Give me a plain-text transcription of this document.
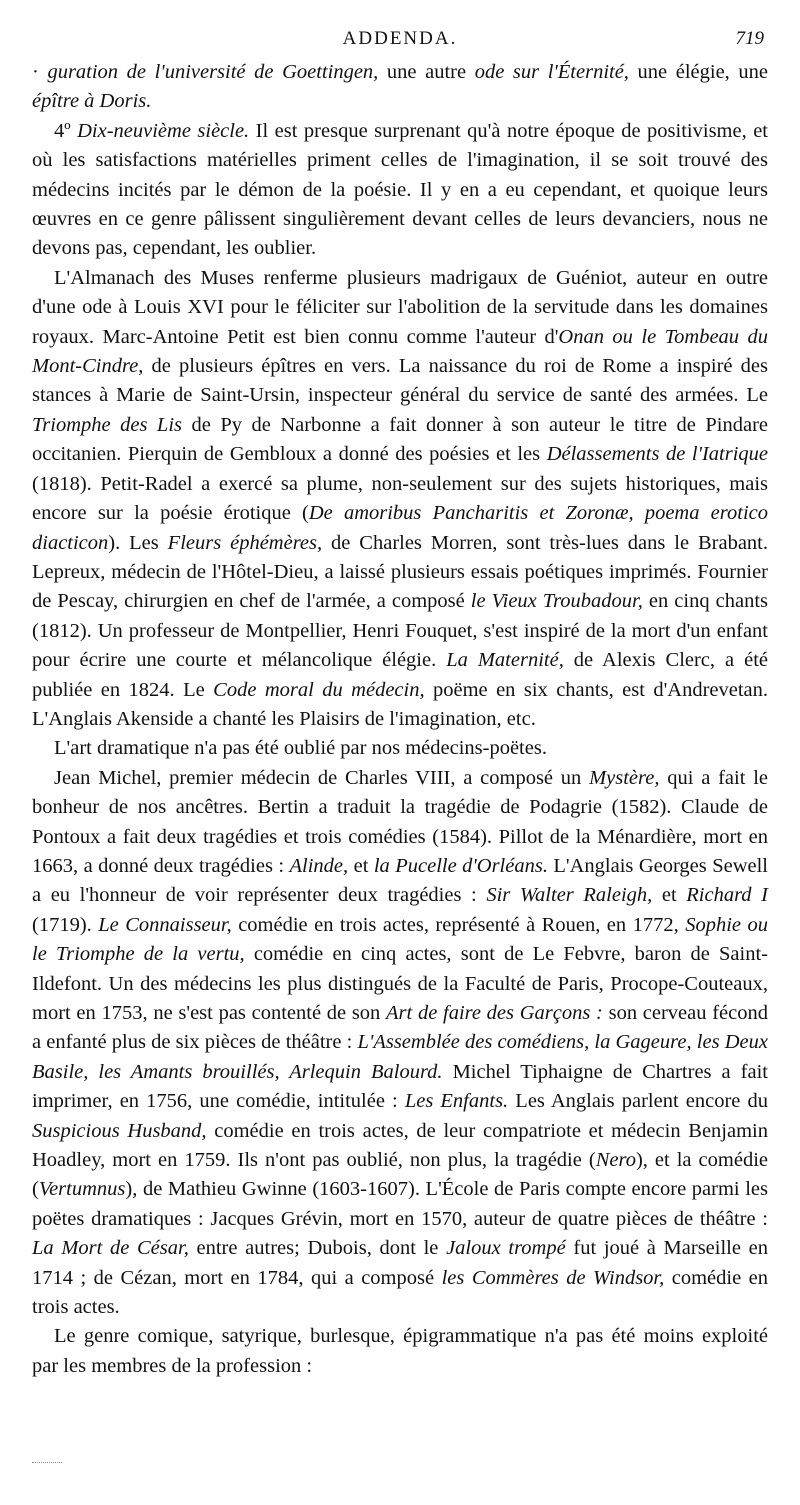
ADDENDA.	719

· guration de l'université de Goettingen, une autre ode sur l'Éternité, une élégie, une épître à Doris.

4º Dix-neuvième siècle. Il est presque surprenant qu'à notre époque de positivisme, et où les satisfactions matérielles priment celles de l'imagination, il se soit trouvé des médecins incités par le démon de la poésie. Il y en a eu cependant, et quoique leurs œuvres en ce genre pâlissent singulièrement devant celles de leurs devanciers, nous ne devons pas, cependant, les oublier.

L'Almanach des Muses renferme plusieurs madrigaux de Guéniot, auteur en outre d'une ode à Louis XVI pour le féliciter sur l'abolition de la servitude dans les domaines royaux. Marc-Antoine Petit est bien connu comme l'auteur d'Onan ou le Tombeau du Mont-Cindre, de plusieurs épîtres en vers. La naissance du roi de Rome a inspiré des stances à Marie de Saint-Ursin, inspecteur général du service de santé des armées. Le Triomphe des Lis de Py de Narbonne a fait donner à son auteur le titre de Pindare occitanien. Pierquin de Gembloux a donné des poésies et les Délassements de l'Iatrique (1818). Petit-Radel a exercé sa plume, non-seulement sur des sujets historiques, mais encore sur la poésie érotique (De amoribus Pancharitis et Zoronæ, poema erotico diacticon). Les Fleurs éphémères, de Charles Morren, sont très-lues dans le Brabant. Lepreux, médecin de l'Hôtel-Dieu, a laissé plusieurs essais poétiques imprimés. Fournier de Pescay, chirurgien en chef de l'armée, a composé le Vieux Troubadour, en cinq chants (1812). Un professeur de Montpellier, Henri Fouquet, s'est inspiré de la mort d'un enfant pour écrire une courte et mélancolique élégie. La Maternité, de Alexis Clerc, a été publiée en 1824. Le Code moral du médecin, poëme en six chants, est d'Andrevetan. L'Anglais Akenside a chanté les Plaisirs de l'imagination, etc.

L'art dramatique n'a pas été oublié par nos médecins-poëtes.

Jean Michel, premier médecin de Charles VIII, a composé un Mystère, qui a fait le bonheur de nos ancêtres. Bertin a traduit la tragédie de Podagrie (1582). Claude de Pontoux a fait deux tragédies et trois comédies (1584). Pillot de la Ménardière, mort en 1663, a donné deux tragédies : Alinde, et la Pucelle d'Orléans. L'Anglais Georges Sewell a eu l'honneur de voir représenter deux tragédies : Sir Walter Raleigh, et Richard I (1719). Le Connaisseur, comédie en trois actes, représenté à Rouen, en 1772, Sophie ou le Triomphe de la vertu, comédie en cinq actes, sont de Le Febvre, baron de Saint-Ildefont. Un des médecins les plus distingués de la Faculté de Paris, Procope-Couteaux, mort en 1753, ne s'est pas contenté de son Art de faire des Garçons : son cerveau fécond a enfanté plus de six pièces de théâtre : L'Assemblée des comédiens, la Gageure, les Deux Basile, les Amants brouillés, Arlequin Balourd. Michel Tiphaigne de Chartres a fait imprimer, en 1756, une comédie, intitulée : Les Enfants. Les Anglais parlent encore du Suspicious Husband, comédie en trois actes, de leur compatriote et médecin Benjamin Hoadley, mort en 1759. Ils n'ont pas oublié, non plus, la tragédie (Nero), et la comédie (Vertumnus), de Mathieu Gwinne (1603-1607). L'École de Paris compte encore parmi les poëtes dramatiques : Jacques Grévin, mort en 1570, auteur de quatre pièces de théâtre : La Mort de César, entre autres; Dubois, dont le Jaloux trompé fut joué à Marseille en 1714 ; de Cézan, mort en 1784, qui a composé les Commères de Windsor, comédie en trois actes.

Le genre comique, satyrique, burlesque, épigrammatique n'a pas été moins exploité par les membres de la profession :
